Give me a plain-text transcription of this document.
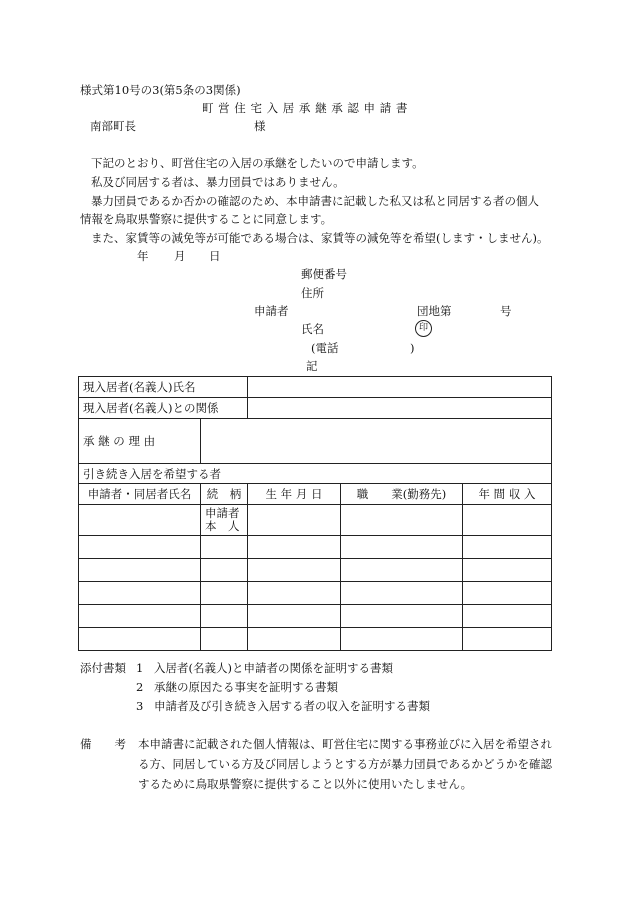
様式第10号の3(第5条の3関係)
町 営 住 宅 入 居 承 継 承 認 申 請 書
南部町長	様
下記のとおり、町営住宅の入居の承継をしたいので申請します。
私及び同居する者は、暴力団員ではありません。
暴力団員であるか否かの確認のため、本申請書に記載した私又は私と同居する者の個人
情報を鳥取県警察に提供することに同意します。
また、家賃等の減免等が可能である場合は、家賃等の減免等を希望(します・しません)。
年 月 日
郵便番号
住所
申請者	団地第	号
氏名	印
(電話	)
記
現入居者(名義人)氏名				
現入居者(名義人)との関係				
承 継 の 理 由				
引き続き入居を希望する者				
申請者・同居者氏名	続　柄	生 年 月 日	職　　業(勤務先)	年 間 収 入

	申請者
本　人			

添付書類 1 入居者(名義人)と申請者の関係を証明する書類
2 承継の原因たる事実を証明する書類
3 申請者及び引き続き入居する者の収入を証明する書類
備　　考 本申請書に記載された個人情報は、町営住宅に関する事務並びに入居を希望される方、同居している方及び同居しようとする方が暴力団員であるかどうかを確認するために鳥取県警察に提供すること以外に使用いたしません。
